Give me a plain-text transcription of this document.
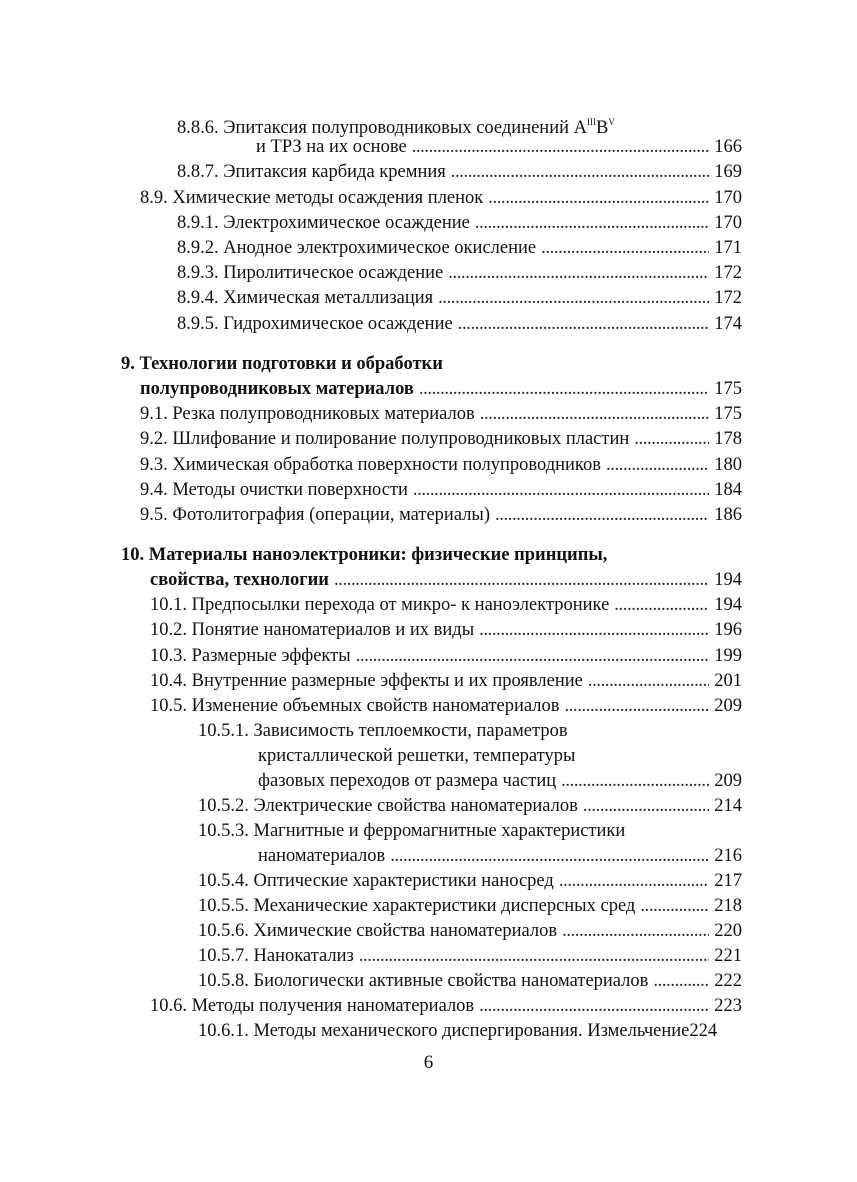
8.8.6. Эпитаксия полупроводниковых соединений $A^{III}B^V$
и ТРЗ на их основе . . .	166
8.8.7. Эпитаксия карбида кремния . . .	169
8.9. Химические методы осаждения пленок . . .	170
8.9.1. Электрохимическое осаждение . . .	170
8.9.2. Анодное электрохимическое окисление . . .	171
8.9.3. Пиролитическое осаждение . . .	172
8.9.4. Химическая металлизация . . .	172
8.9.5. Гидрохимическое осаждение . . .	174
9. Технологии подготовки и обработки
полупроводниковых материалов . . .	175
9.1. Резка полупроводниковых материалов . . .	175
9.2. Шлифование и полирование полупроводниковых пластин . . .	178
9.3. Химическая обработка поверхности полупроводников . . .	180
9.4. Методы очистки поверхности . . .	184
9.5. Фотолитография (операции, материалы) . . .	186
10. Материалы наноэлектроники: физические принципы,
свойства, технологии . . .	194
10.1. Предпосылки перехода от микро- к наноэлектронике . . .	194
10.2. Понятие наноматериалов и их виды . . .	196
10.3. Размерные эффекты . . .	199
10.4. Внутренние размерные эффекты и их проявление . . .	201
10.5. Изменение объемных свойств наноматериалов . . .	209
10.5.1. Зависимость теплоемкости, параметров
кристаллической решетки, температуры
фазовых переходов от размера частиц . . .	209
10.5.2. Электрические свойства наноматериалов . . .	214
10.5.3. Магнитные и ферромагнитные характеристики
наноматериалов . . .	216
10.5.4. Оптические характеристики наносред . . .	217
10.5.5. Механические характеристики дисперсных сред . . .	218
10.5.6. Химические свойства наноматериалов . . .	220
10.5.7. Нанокатализ . . .	221
10.5.8. Биологически активные свойства наноматериалов . . .	222
10.6. Методы получения наноматериалов . . .	223
10.6.1. Методы механического диспергирования. Измельчение 224
6
